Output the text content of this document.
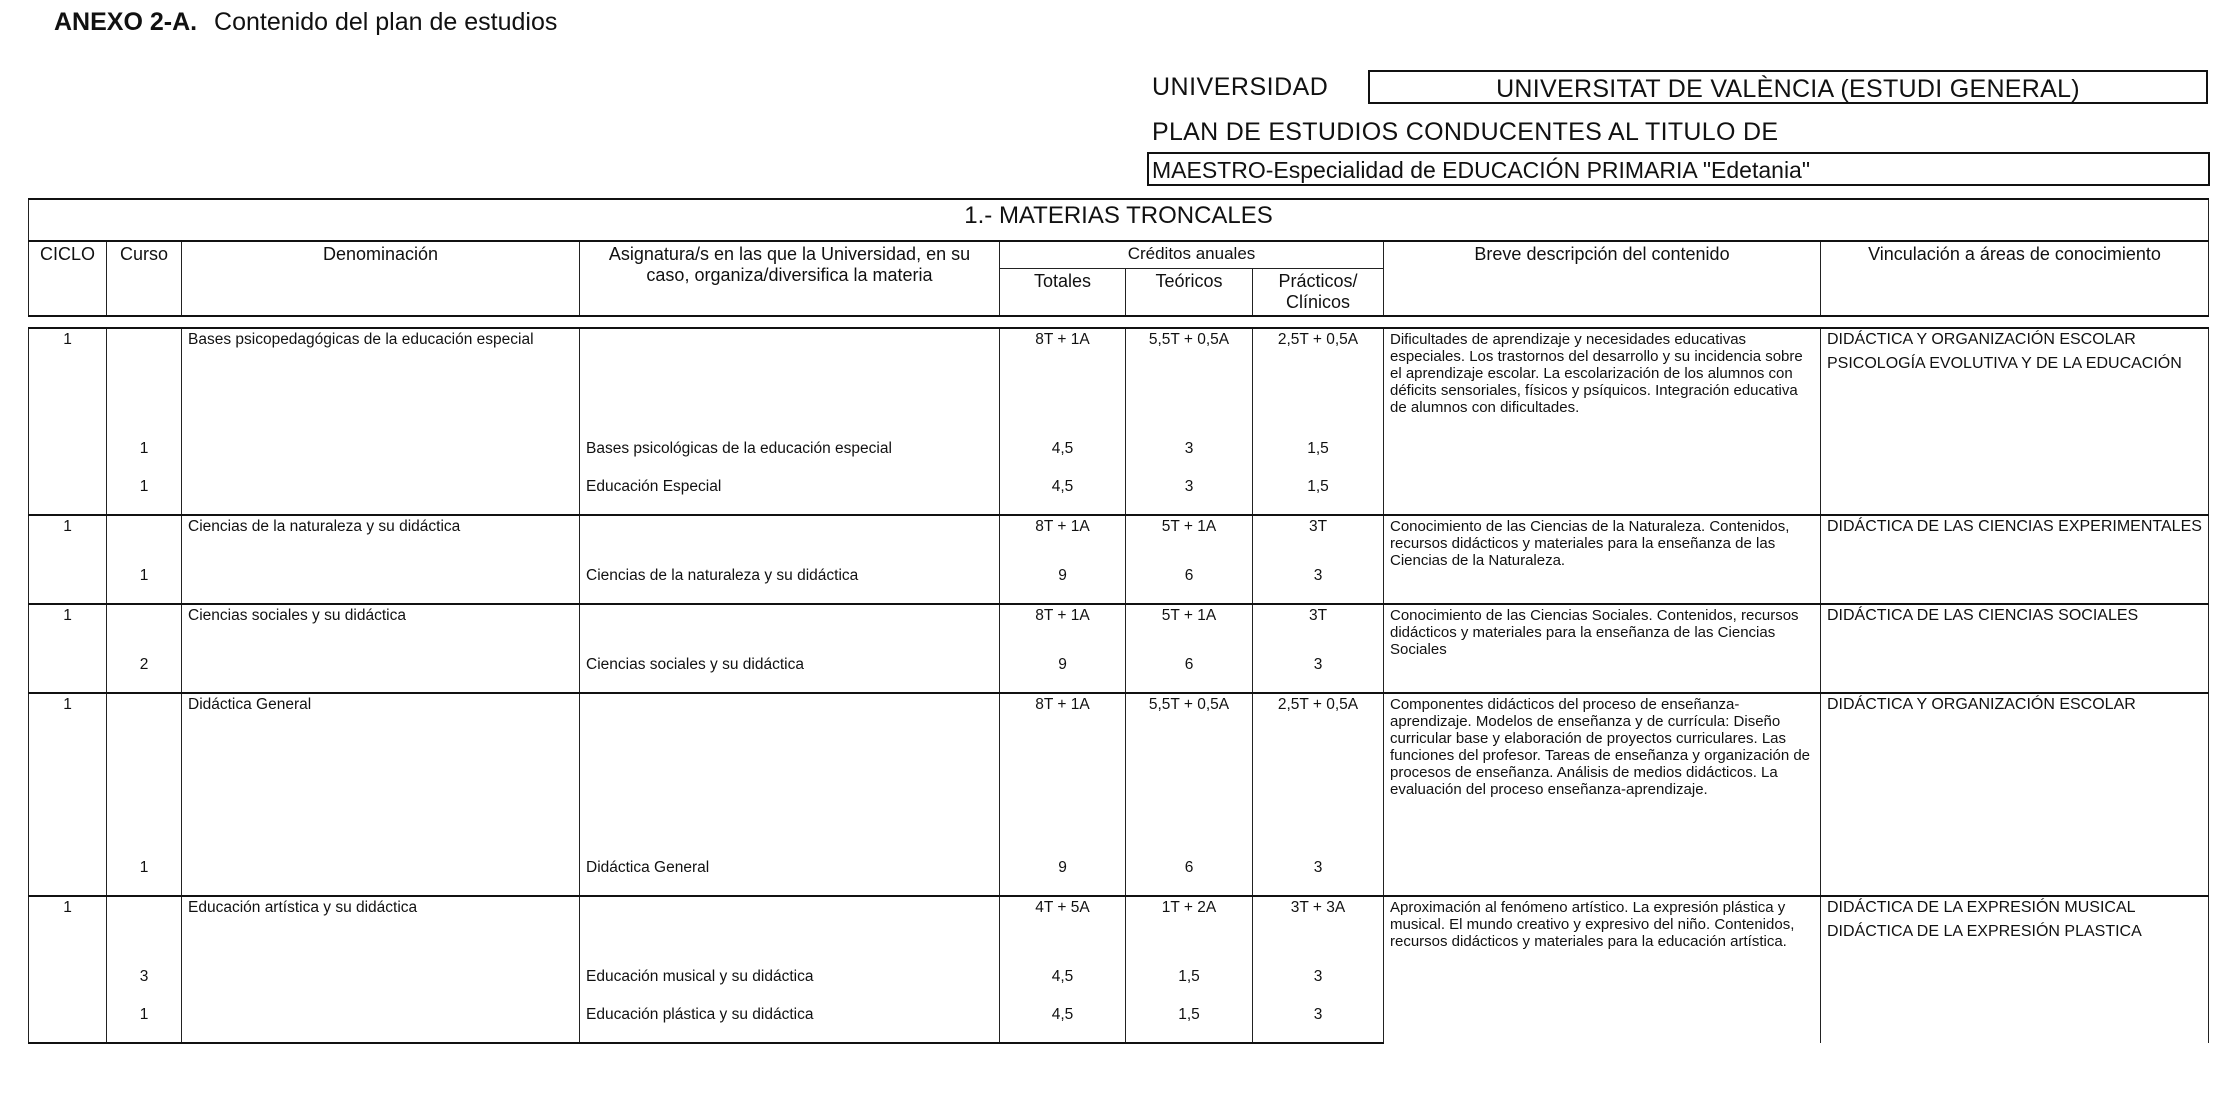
ANEXO 2-A. Contenido del plan de estudios
UNIVERSIDAD	UNIVERSITAT DE VALÈNCIA (ESTUDI GENERAL)
PLAN DE ESTUDIOS CONDUCENTES AL TITULO DE
MAESTRO-Especialidad de EDUCACIÓN PRIMARIA "Edetania"
1.- MATERIAS TRONCALES								
CICLO	Curso	Denominación	Asignatura/s en las que la Universidad, en su caso, organiza/diversifica la materia	Créditos anuales			Breve descripción del contenido	Vinculación a áreas de conocimiento
				Totales	Teóricos	Prácticos/ Clínicos		

1		Bases psicopedagógicas de la educación especial		8T + 1A	5,5T + 0,5A	2,5T + 0,5A	Dificultades de aprendizaje y necesidades educativas especiales. Los trastornos del desarrollo y su incidencia sobre el aprendizaje escolar. La escolarización de los alumnos con déficits sensoriales, físicos y psíquicos. Integración educativa de alumnos con dificultades.	DIDÁCTICA Y ORGANIZACIÓN ESCOLAR
PSICOLOGÍA EVOLUTIVA Y DE LA EDUCACIÓN

	1		Bases psicológicas de la educación especial	4,5	3	1,5		
	1		Educación Especial	4,5	3	1,5		
1		Ciencias de la naturaleza y su didáctica		8T + 1A	5T + 1A	3T	Conocimiento de las Ciencias de la Naturaleza. Contenidos, recursos didácticos y materiales para la enseñanza de las Ciencias de la Naturaleza.	DIDÁCTICA DE LAS CIENCIAS EXPERIMENTALES

	1		Ciencias de la naturaleza y su didáctica	9	6	3		
1		Ciencias sociales y su didáctica		8T + 1A	5T + 1A	3T	Conocimiento de las Ciencias Sociales. Contenidos, recursos didácticos y materiales para la enseñanza de las Ciencias Sociales	DIDÁCTICA DE LAS CIENCIAS SOCIALES

	2		Ciencias sociales y su didáctica	9	6	3		
1		Didáctica General		8T + 1A	5,5T + 0,5A	2,5T + 0,5A	Componentes didácticos del proceso de enseñanza-aprendizaje. Modelos de enseñanza y de currícula: Diseño curricular base y elaboración de proyectos curriculares. Las funciones del profesor. Tareas de enseñanza y organización de procesos de enseñanza. Análisis de medios didácticos. La evaluación del proceso enseñanza-aprendizaje.	DIDÁCTICA Y ORGANIZACIÓN ESCOLAR

	1		Didáctica General	9	6	3		
1		Educación artística y su didáctica		4T + 5A	1T + 2A	3T + 3A	Aproximación al fenómeno artístico. La expresión plástica y musical. El mundo creativo y expresivo del niño. Contenidos, recursos didácticos y materiales para la educación artística.	DIDÁCTICA DE LA EXPRESIÓN MUSICAL
DIDÁCTICA DE LA EXPRESIÓN PLASTICA

	3		Educación musical y su didáctica	4,5	1,5	3		
	1		Educación plástica y su didáctica	4,5	1,5	3		
